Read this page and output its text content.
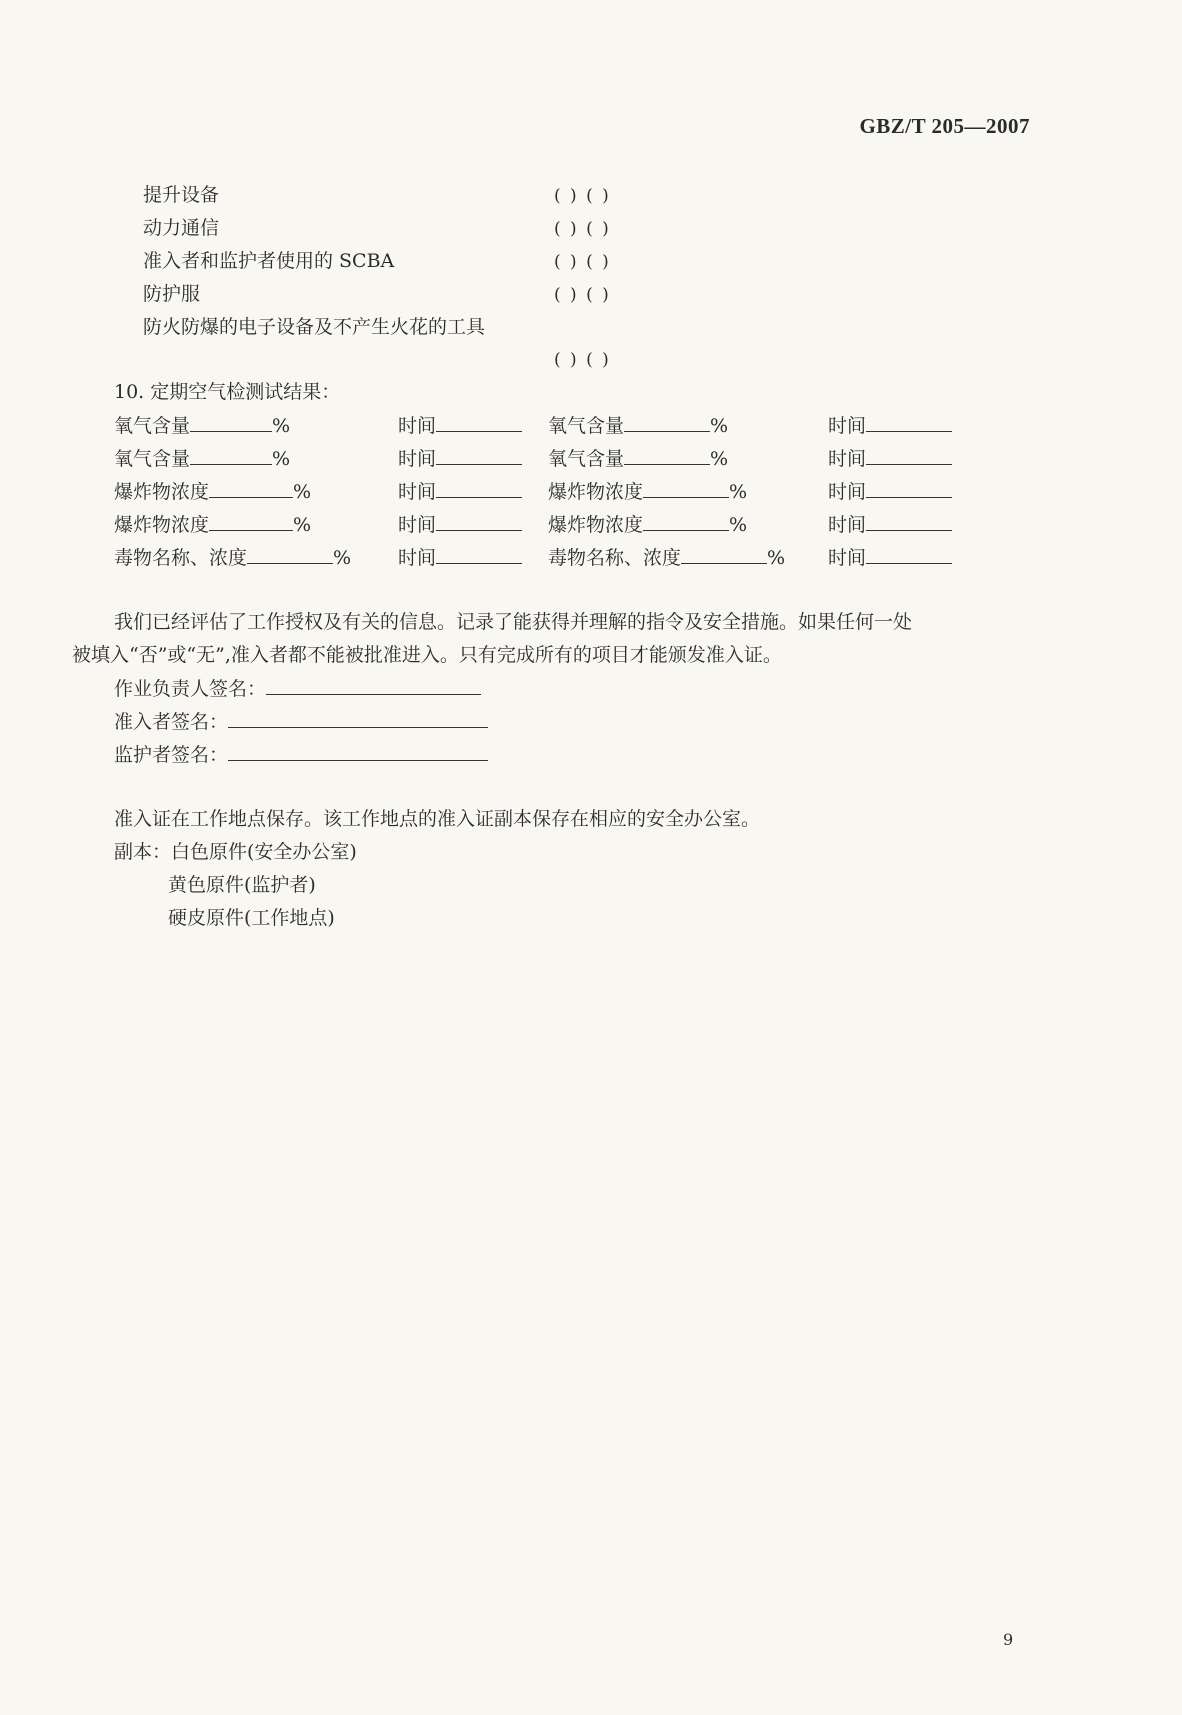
GBZ/T 205—2007
提升设备	( ) ( )
动力通信	( ) ( )
准入者和监护者使用的 SCBA	( ) ( )
防护服	( ) ( )
防火防爆的电子设备及不产生火花的工具
( ) ( )
10. 定期空气检测试结果：
氧气含量	%	时间	氧气含量	%	时间
氧气含量	%	时间	氧气含量	%	时间
爆炸物浓度	%	时间	爆炸物浓度	%	时间
爆炸物浓度	%	时间	爆炸物浓度	%	时间
毒物名称、浓度	% 时间	毒物名称、浓度	% 时间
我们已经评估了工作授权及有关的信息。记录了能获得并理解的指令及安全措施。如果任何一处
被填入“否”或“无”,准入者都不能被批准进入。只有完成所有的项目才能颁发准入证。
作业负责人签名：
准入者签名：
监护者签名：
准入证在工作地点保存。该工作地点的准入证副本保存在相应的安全办公室。
副本：白色原件(安全办公室)
黄色原件(监护者)
硬皮原件(工作地点)
9
